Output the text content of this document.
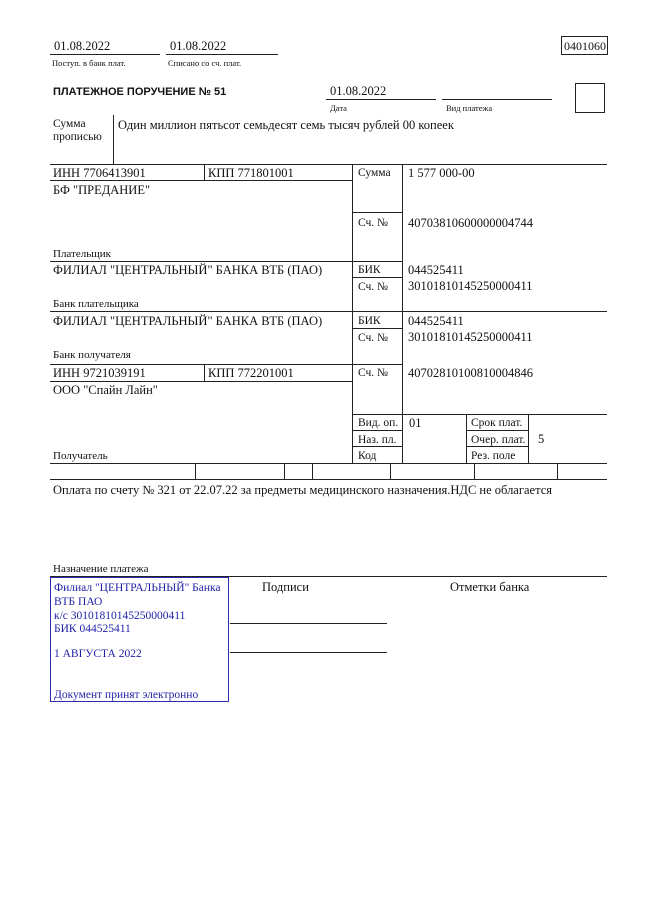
01.08.2022
Поступ. в банк плат.
01.08.2022
Списано со сч. плат.
0401060
ПЛАТЕЖНОЕ ПОРУЧЕНИЕ № 51	01.08.2022
Дата	Вид платежа
Сумма
прописью
Один миллион пятьсот семьдесят семь тысяч рублей 00 копеек
ИНН 7706413901	КПП 771801001
БФ "ПРЕДАНИЕ"
Сумма 1 577 000-00
Сч. № 40703810600000004744
Плательщик
ФИЛИАЛ "ЦЕНТРАЛЬНЫЙ" БАНКА ВТБ (ПАО)	БИК 044525411
Сч. № 30101810145250000411
Банк плательщика
ФИЛИАЛ "ЦЕНТРАЛЬНЫЙ" БАНКА ВТБ (ПАО)	БИК 044525411
Сч. № 30101810145250000411
Банк получателя
ИНН 9721039191	КПП 772201001	Сч. № 40702810100810004846
ООО "Спайн Лайн"
Вид. оп. 01	Срок плат.
Наз. пл.	Очер. плат. 5
Код	Рез. поле
Получатель
Оплата по счету № 321 от 22.07.22 за предметы медицинского назначения.НДС не облагается
Назначение платежа
Подписи	Отметки банка
Филиал "ЦЕНТРАЛЬНЫЙ" Банка
ВТБ ПАО
к/с 30101810145250000411
БИК 044525411
1 АВГУСТА 2022
Документ принят электронно
